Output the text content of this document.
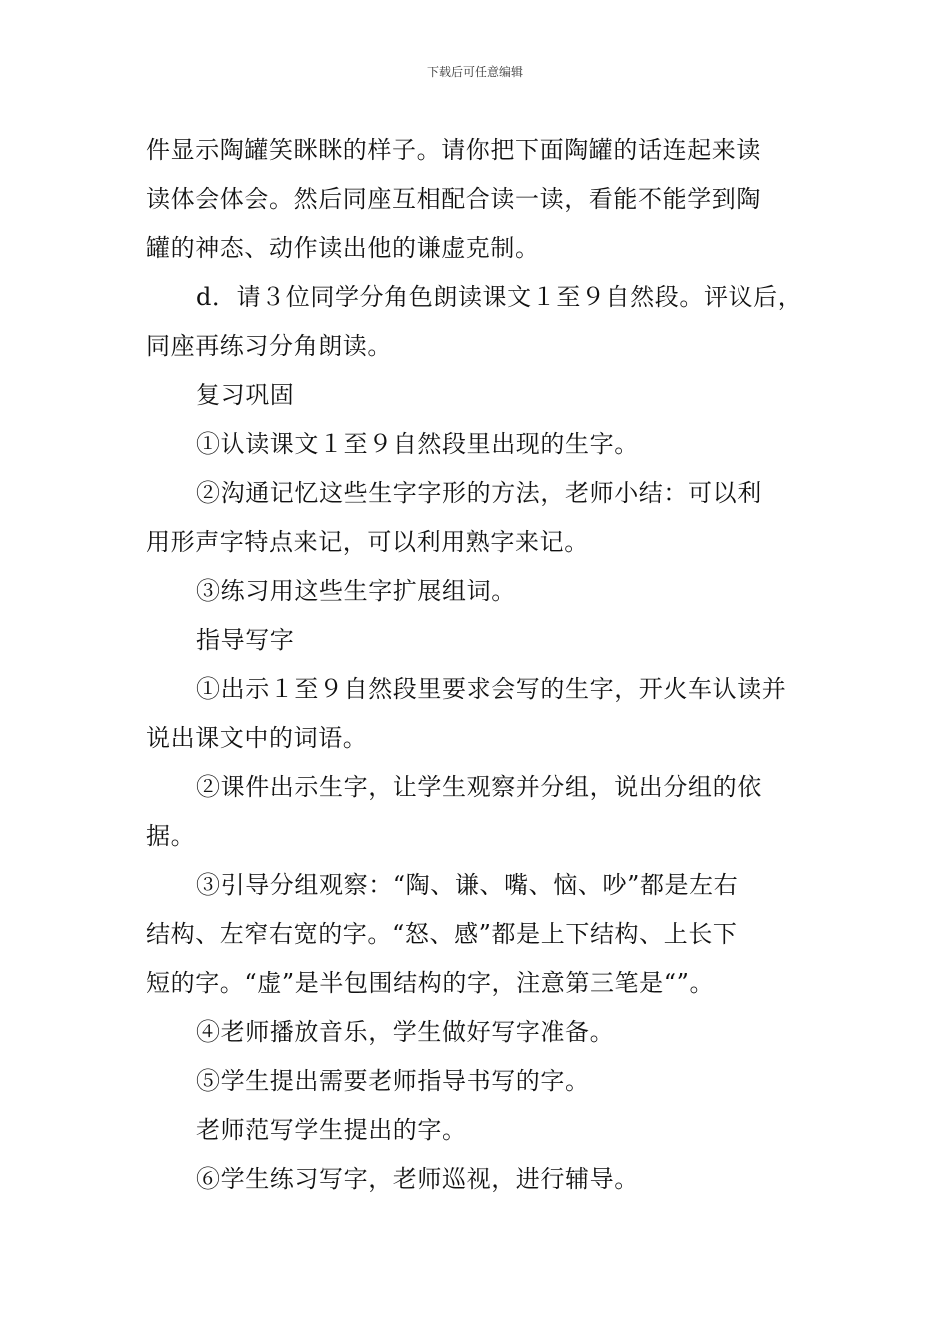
下载后可任意编辑

件显示陶罐笑眯眯的样子。请你把下面陶罐的话连起来读
读体会体会。然后同座互相配合读一读，看能不能学到陶
罐的神态、动作读出他的谦虚克制。

d．请３位同学分角色朗读课文１至９自然段。评议后，

同座再练习分角朗读。

复习巩固

①认读课文１至９自然段里出现的生字。

②沟通记忆这些生字字形的方法，老师小结：可以利

用形声字特点来记，可以利用熟字来记。

③练习用这些生字扩展组词。

指导写字

①出示１至９自然段里要求会写的生字，开火车认读并

说出课文中的词语。

②课件出示生字，让学生观察并分组，说出分组的依

据。

③引导分组观察：“陶、谦、嘴、恼、吵”都是左右

结构、左窄右宽的字。“怒、感”都是上下结构、上长下
短的字。“虚”是半包围结构的字，注意第三笔是“”。

④老师播放音乐，学生做好写字准备。

⑤学生提出需要老师指导书写的字。

老师范写学生提出的字。

⑥学生练习写字，老师巡视，进行辅导。
